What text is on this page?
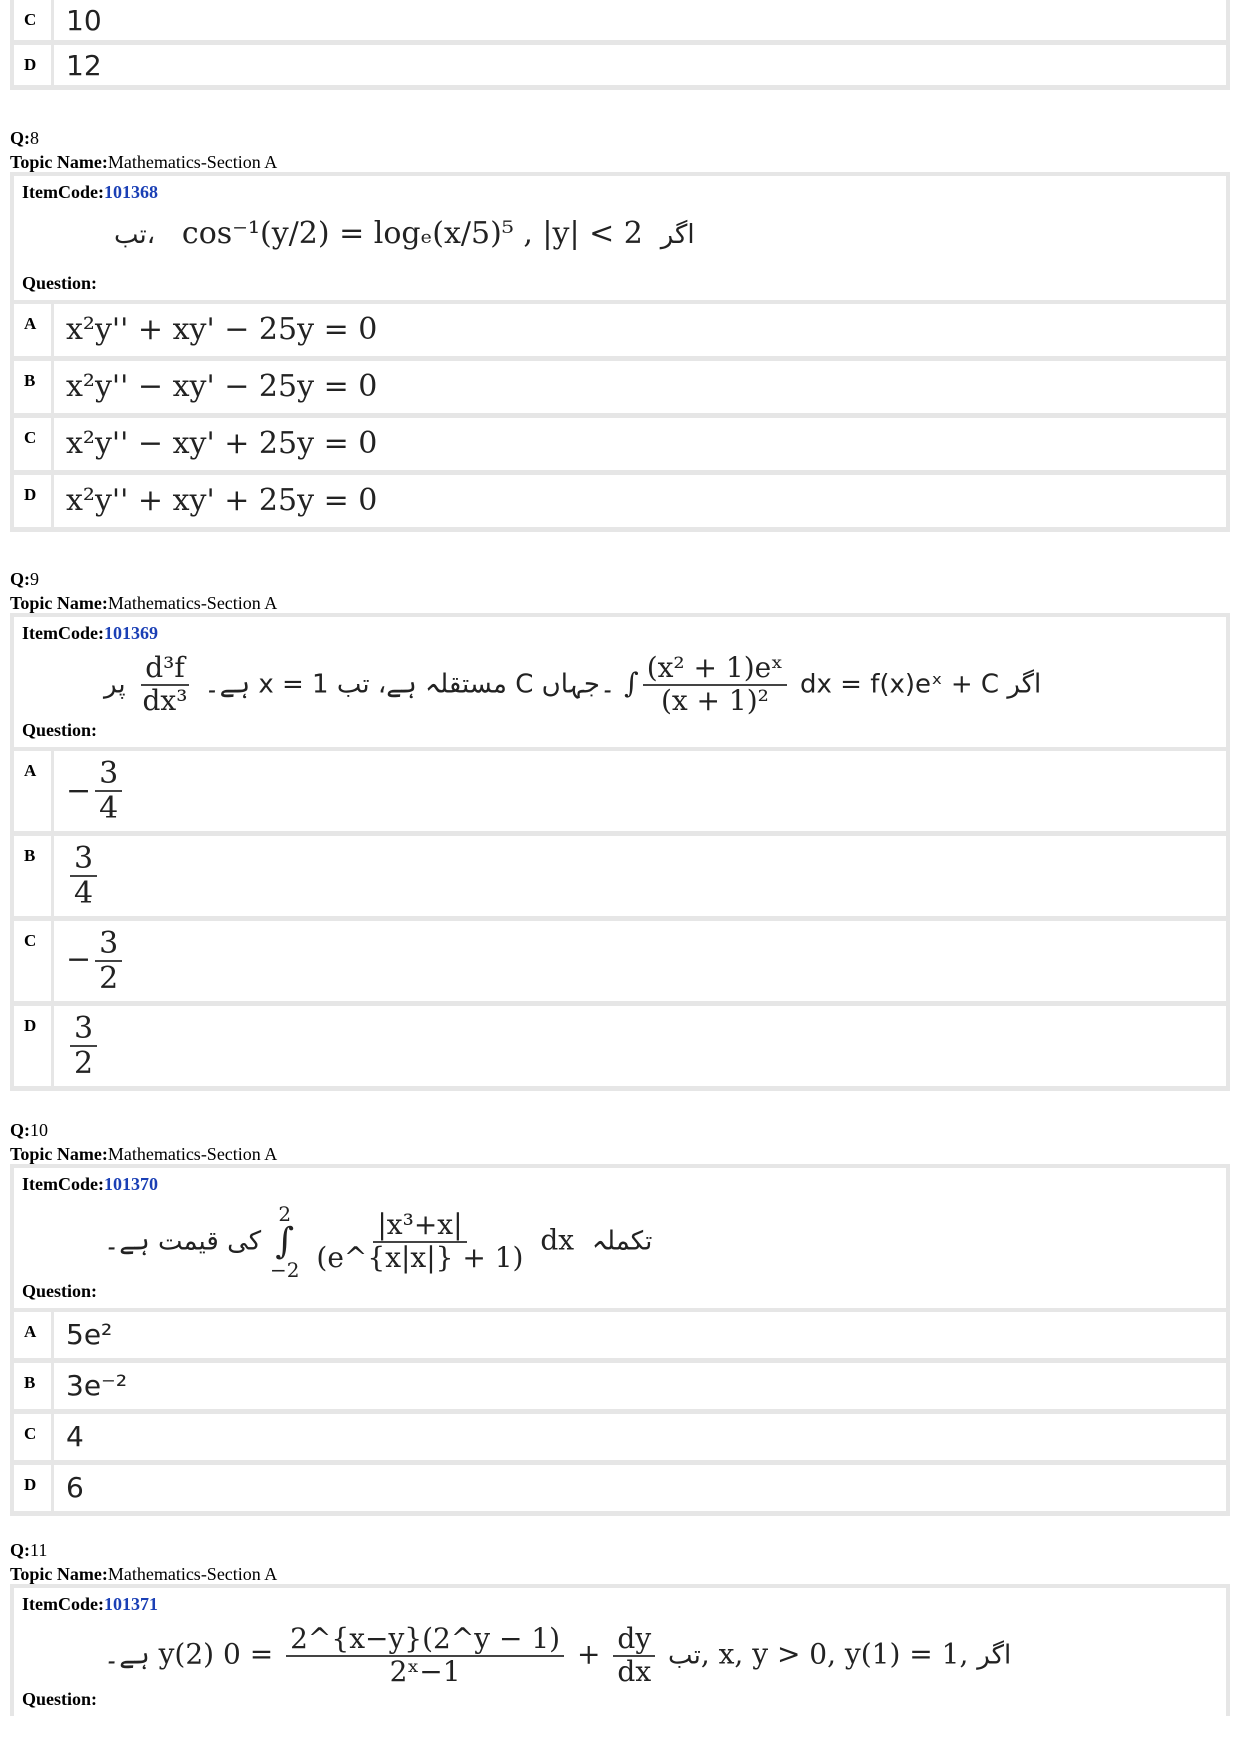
C 10
D 12
Q:8
Topic Name:Mathematics-Section A
ItemCode:101368
تب، cos⁻¹(y/2) = logₑ(x/5)⁵ , |y| < 2 اگر
Question:
A x²y'' + xy' − 25y = 0
B x²y'' − xy' − 25y = 0
C x²y'' − xy' + 25y = 0
D x²y'' + xy' + 25y = 0
Q:9
Topic Name:Mathematics-Section A
ItemCode:101369
ہے۔
$\frac{\text{d³f}}{\text{dx³}}$
پر x = 1 مستقلہ ہے، تب C ۔جہاں ∫ $\frac{\text{(x² + 1)eˣ}}{\text{(x + 1)²}}$ dx = f(x)eˣ + C اگر
Question:
A
− $\frac{3}{4}$
B $\frac{3}{4}$
C
− $\frac{3}{2}$
D $\frac{3}{2}$
Q:10
Topic Name:Mathematics-Section A
ItemCode:101370
کی قیمت ہے۔
2
∫
−2
$\frac{\text{|x³+x|}}{(e\^{}\{x|x|\} + 1)}$ dx تکملہ
Question:
A 5e²
B 3e⁻²
C 4
D 6
Q:11
Topic Name:Mathematics-Section A
ItemCode:101371
ہے۔ y(2)	تب
$\frac{dy}{dx}$
+
$\frac{2\^{}\{x-y\}(2\^{}y - 1)}{\text{2ˣ−1}}$
= 0, x, y > 0, y(1) = 1, اگر
Question:
